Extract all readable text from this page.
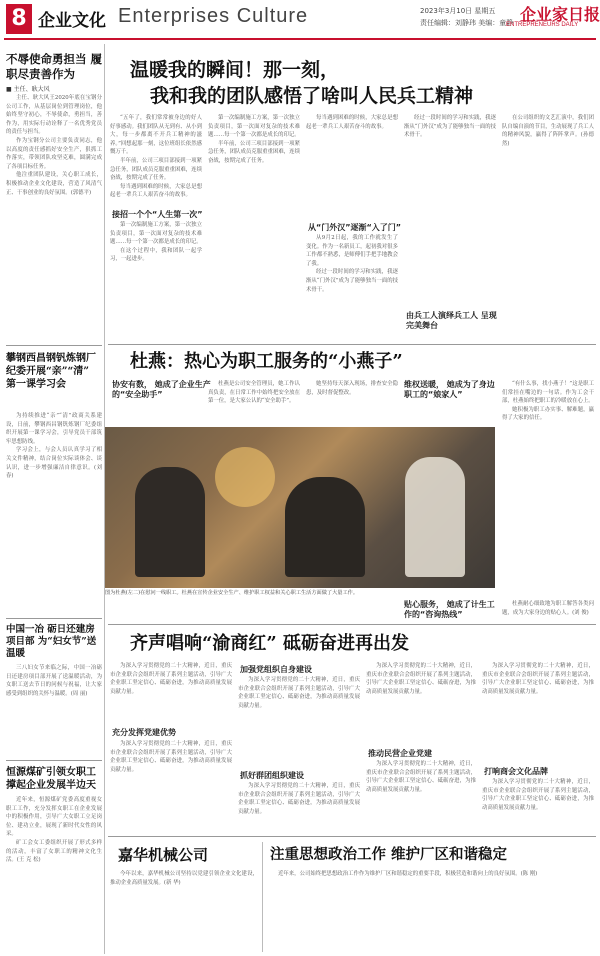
8 企业文化 Enterprises Culture	2023年3月10日 星期五
责任编辑：刘静玮 美编：童静 企业家日报
ENTREPRENEURS DAILY
不辱使命勇担当 履职尽责善作为
■ 主任、耿大风
主任、耿大风王2020年底在宝钢分公司工作，从基层岗位到管理岗位，他始终坚守初心，不辱使命，勇担当，善作为，用实际行动诠释了一名优秀党员的责任与担当。
作为宝钢分公司主要负责同志，他以高度的责任感抓好安全生产，狠抓工作落实，带领团队攻坚克难，圆满完成了各项目标任务。
他注重团队建设，关心职工成长，积极推动企业文化建设，营造了风清气正、干事创业的良好氛围。(郭德平)
攀钢西昌钢钒炼钢厂 纪委开展“亲”“清” 第一课学习会
为持续推进“亲”“清”政商关系建设，日前，攀钢西昌钢钒炼钢厂纪委组织开展第一课学习会，引导党员干部筑牢思想防线。
学习会上，与会人员认真学习了相关文件精神，结合岗位实际谈体会、谈认识，进一步增强廉洁自律意识。(刘 春)
中国一冶 砺日还建房项目部 为“妇女节”送温暖
三八妇女节来临之际，中国一冶砺日还建房项目部开展了送温暖活动，为女职工送去节日的问候与祝福，让大家感受到组织的关怀与温暖。(周 丽)
恒源煤矿引领女职工 撑起企业发展半边天
近年来，恒源煤矿党委高度重视女职工工作，充分发挥女职工在企业发展中的积极作用，引导广大女职工立足岗位、建功立业，展现了新时代女性的风采。
矿工会女工委组织开展了形式多样的活动，丰富了女职工的精神文化生活。(王 克 松)
温暖我的瞬间！那一刻，
我和我的团队感悟了啥叫人民兵工精神
“五年了，我们常常被身边的好人好事感动。我们团队从无到有、从小到大，每一步都离不开兵工精神的滋养。”回想起那一刻，这位班组长依然感慨万千。
半年前，公司三项目部接到一项紧急任务，团队成员克服重重困难，连续奋战，按期完成了任务。
每当遇到困难的时候，大家总是想起老一辈兵工人艰苦奋斗的故事。
接招一个个“人生第一次”
第一次编制施工方案，第一次独立负责项目，第一次面对复杂的技术难题……每一个第一次都是成长的印记。
在这个过程中，我和团队一起学习，一起进步。
第一次编制施工方案，第一次独立负责项目，第一次面对复杂的技术难题……每一个第一次都是成长的印记。
半年前，公司三项目部接到一项紧急任务，团队成员克服重重困难，连续奋战，按期完成了任务。
每当遇到困难的时候，大家总是想起老一辈兵工人艰苦奋斗的故事。
从“门外汉”逐渐“入了门”
从9月2日起，我的工作就发生了变化。作为一名新员工，起初我对很多工作都不熟悉，是师傅们手把手地教会了我。
经过一段时间的学习和实践，我逐渐从“门外汉”成为了能够独当一面的技术骨干。
经过一段时间的学习和实践，我逐渐从“门外汉”成为了能够独当一面的技术骨干。
由兵工人演绎兵工人 呈现完美舞台
在公司组织的文艺汇演中，我们团队自编自演的节目，生动展现了兵工人的精神风貌，赢得了阵阵掌声。(孙德然)
杜燕：热心为职工服务的“小燕子”
协安有数， 她成了企业生产的“安全助手”
杜燕是公司安全管理员，她工作认真负责，在日常工作中始终把安全放在第一位，是大家公认的“安全助手”。
她坚持每天深入现场，排查安全隐患，及时督促整改。
维权送暖， 她成为了身边职工的“娘家人”
“有什么事，找小燕子！”这是职工们常挂在嘴边的一句话。作为工会干部，杜燕始终把职工的冷暖放在心上。
她积极为职工办实事、解难题，赢得了大家的信任。
图为杜燕(左二)在慰问一线职工。杜燕在宣传企业安全生产、维护职工权益和关心职工生活方面做了大量工作。
贴心服务， 她成了计生工作的“咨询热线”
杜燕耐心细致地为职工解答各类问题，成为大家身边的贴心人。(刘 俊)
齐声唱响“渝商红” 砥砺奋进再出发
为深入学习贯彻党的二十大精神，近日，重庆市企业联合会组织开展了系列主题活动，引导广大企业职工坚定信心、砥砺奋进，为推动高质量发展贡献力量。
充分发挥党建优势
为深入学习贯彻党的二十大精神，近日，重庆市企业联合会组织开展了系列主题活动，引导广大企业职工坚定信心、砥砺奋进，为推动高质量发展贡献力量。
加强党组织自身建设
为深入学习贯彻党的二十大精神，近日，重庆市企业联合会组织开展了系列主题活动，引导广大企业职工坚定信心、砥砺奋进，为推动高质量发展贡献力量。
抓好群团组织建设
为深入学习贯彻党的二十大精神，近日，重庆市企业联合会组织开展了系列主题活动，引导广大企业职工坚定信心、砥砺奋进，为推动高质量发展贡献力量。
为深入学习贯彻党的二十大精神，近日，重庆市企业联合会组织开展了系列主题活动，引导广大企业职工坚定信心、砥砺奋进，为推动高质量发展贡献力量。
推动民营企业党建
为深入学习贯彻党的二十大精神，近日，重庆市企业联合会组织开展了系列主题活动，引导广大企业职工坚定信心、砥砺奋进，为推动高质量发展贡献力量。
为深入学习贯彻党的二十大精神，近日，重庆市企业联合会组织开展了系列主题活动，引导广大企业职工坚定信心、砥砺奋进，为推动高质量发展贡献力量。
打响商会文化品牌
为深入学习贯彻党的二十大精神，近日，重庆市企业联合会组织开展了系列主题活动，引导广大企业职工坚定信心、砥砺奋进，为推动高质量发展贡献力量。
嘉华机械公司
今年以来，嘉华机械公司坚持以党建引领企业文化建设，推动企业高质量发展。(新 华)
注重思想政治工作 维护厂区和谐稳定
近年来，公司始终把思想政治工作作为维护厂区和谐稳定的重要手段，积极营造和谐向上的良好氛围。(陈 刚)
